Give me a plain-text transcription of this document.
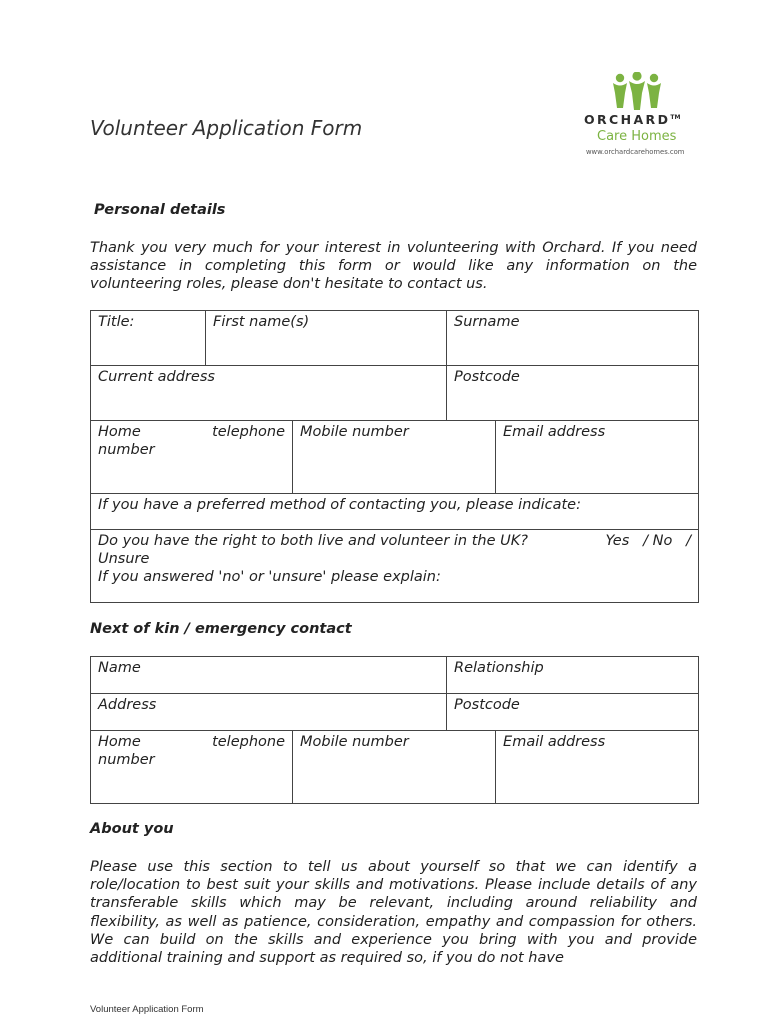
Volunteer Application Form	ORCHARD™
Care Homes
www.orchardcarehomes.com
Personal details

Thank you very much for your interest in volunteering with Orchard. If you need assistance in completing this form or would like any information on the volunteering roles, please don't hesitate to contact us.

Title:	First name(s)		Surname	
Current address			Postcode	

Home telephone
number		Mobile number		Email address
If you have a preferred method of contacting you, please indicate:				

Do you have the right to both live and volunteer in the UK? Yes   / No   /
Unsure
If you answered 'no' or 'unsure' please explain:				
Next of kin / emergency contact
Name		Relationship	
Address		Postcode	

Home telephone
number	Mobile number		Email address
About you

Please use this section to tell us about yourself so that we can identify a role/location to best suit your skills and motivations. Please include details of any transferable skills which may be relevant, including around reliability and flexibility, as well as patience, consideration, empathy and compassion for others. We can build on the skills and experience you bring with you and provide additional training and support as required so, if you do not have

Volunteer Application Form
